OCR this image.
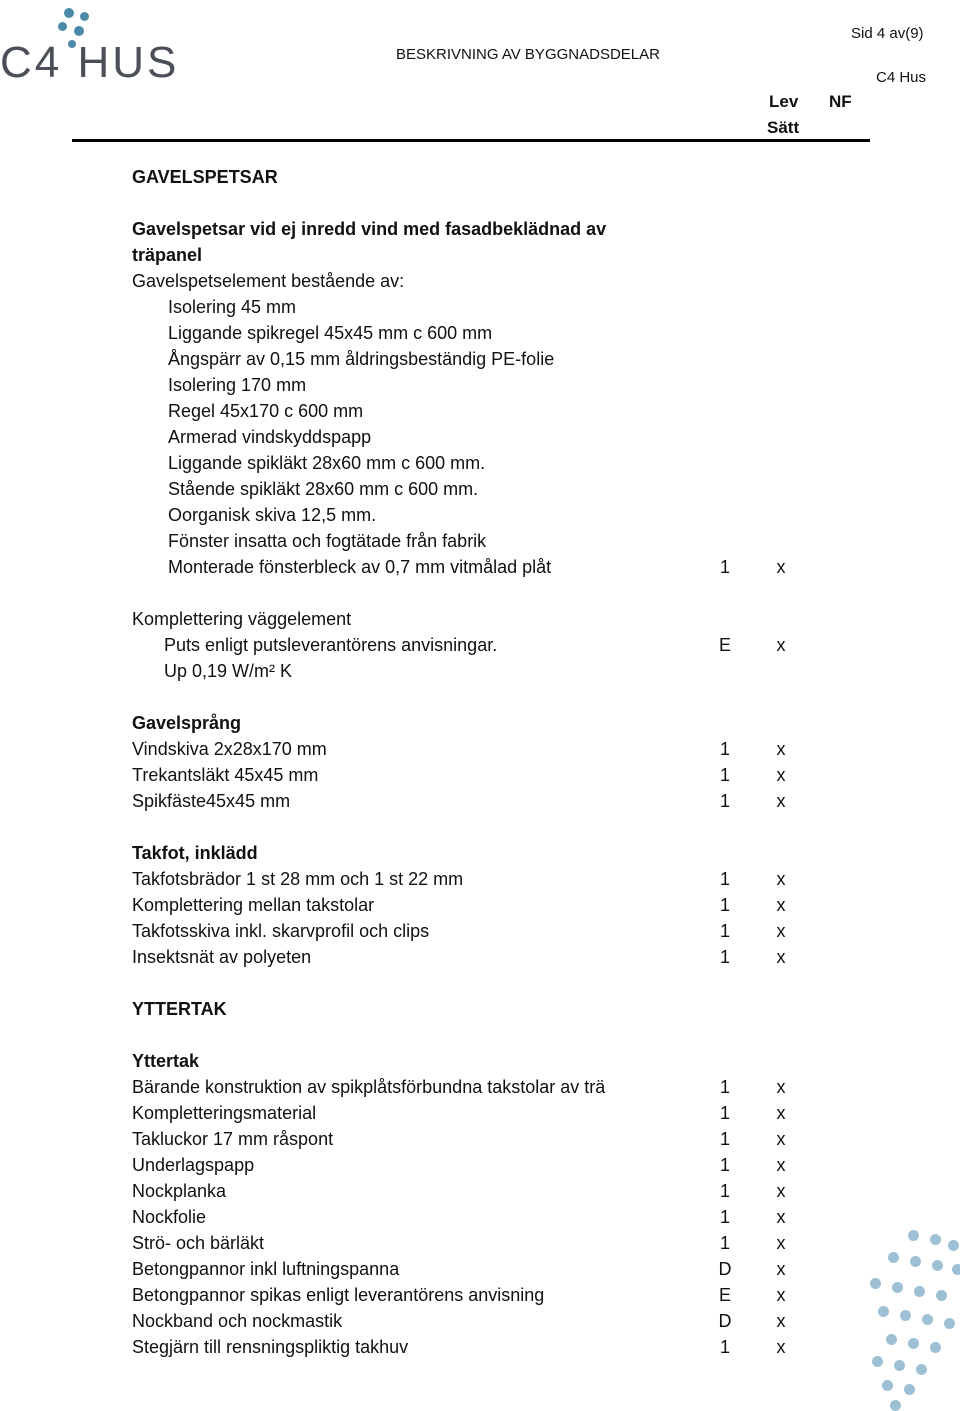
C4 HUS	BESKRIVNING AV BYGGNADSDELAR
Sid 4 av(9)
C4 Hus
Lev NF
Sätt
GAVELSPETSAR
Gavelspetsar vid ej inredd vind med fasadbeklädnad av
träpanel
Gavelspetselement bestående av:
Isolering 45 mm
Liggande spikregel 45x45 mm c 600 mm
Ångspärr av 0,15 mm åldringsbeständig PE-folie
Isolering 170 mm
Regel 45x170 c 600 mm
Armerad vindskyddspapp
Liggande spikläkt 28x60 mm c 600 mm.
Stående spikläkt 28x60 mm c 600 mm.
Oorganisk skiva 12,5 mm.
Fönster insatta och fogtätade från fabrik
Monterade fönsterbleck av 0,7 mm vitmålad plåt	1	x
Komplettering väggelement
Puts enligt putsleverantörens anvisningar.	E	x
Up 0,19 W/m² K
Gavelsprång
Vindskiva 2x28x170 mm	1	x
Trekantsläkt 45x45 mm	1	x
Spikfäste45x45 mm	1	x
Takfot, inklädd
Takfotsbrädor 1 st 28 mm och 1 st 22 mm	1	x
Komplettering mellan takstolar	1	x
Takfotsskiva inkl. skarvprofil och clips	1	x
Insektsnät av polyeten	1	x
YTTERTAK
Yttertak
Bärande konstruktion av spikplåtsförbundna takstolar av trä	1	x
Kompletteringsmaterial	1	x
Takluckor 17 mm råspont	1	x
Underlagspapp	1	x
Nockplanka	1	x
Nockfolie	1	x
Strö- och bärläkt	1	x
Betongpannor inkl luftningspanna	D	x
Betongpannor spikas enligt leverantörens anvisning	E	x
Nockband och nockmastik	D	x
Stegjärn till rensningspliktig takhuv	1	x
